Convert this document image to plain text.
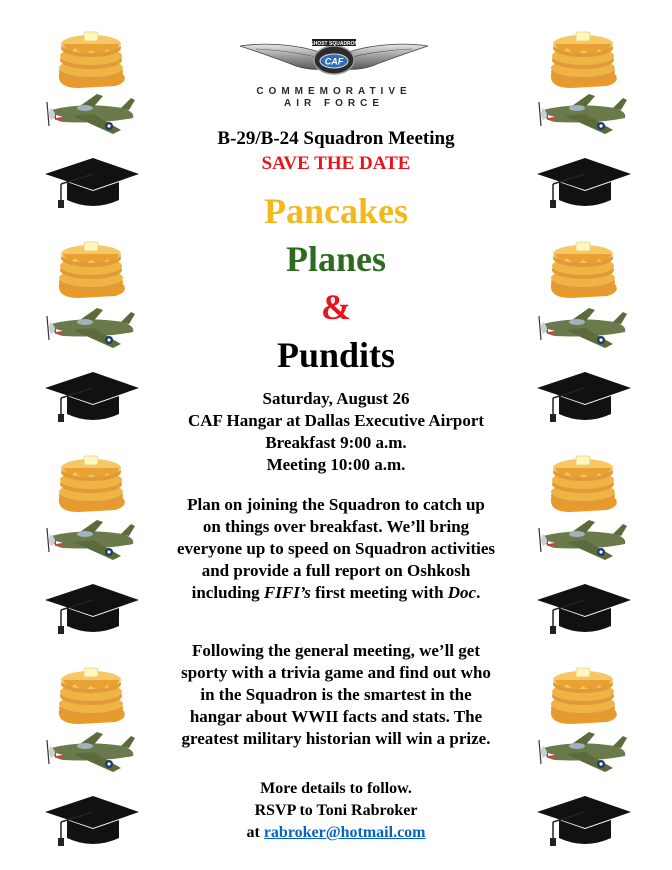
GHOST SQUADRON
CAF
COMMEMORATIVE
AIR FORCE
B-29/B-24 Squadron Meeting
SAVE THE DATE
Pancakes
Planes
&
Pundits
Saturday, August 26
CAF Hangar at Dallas Executive Airport
Breakfast 9:00 a.m.
Meeting 10:00 a.m.
Plan on joining the Squadron to catch up
on things over breakfast. We’ll bring
everyone up to speed on Squadron activities
and provide a full report on Oshkosh
including FIFI’s first meeting with Doc.
Following the general meeting, we’ll get
sporty with a trivia game and find out who
in the Squadron is the smartest in the
hangar about WWII facts and stats. The
greatest military historian will win a prize.
More details to follow.
RSVP to Toni Rabroker
at rabroker@hotmail.com
